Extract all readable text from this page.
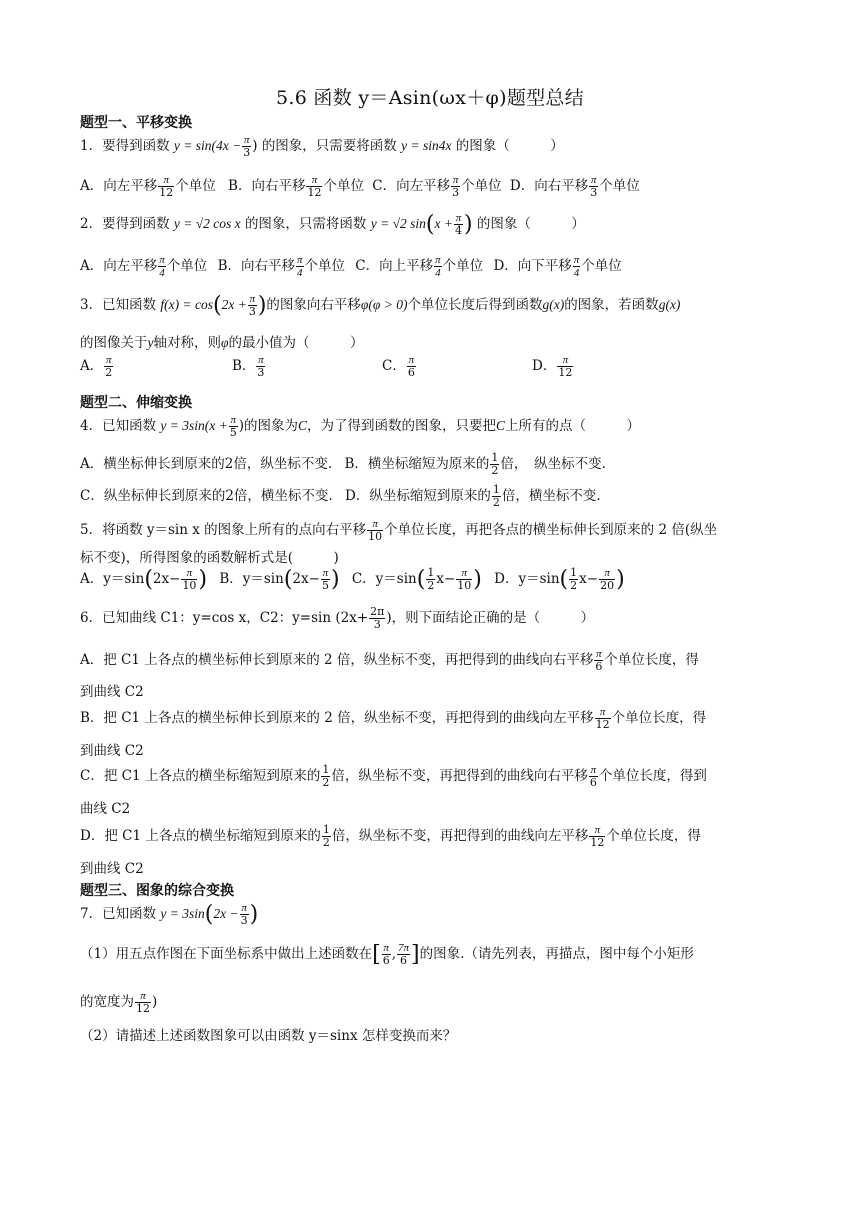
5.6 函数 y＝Asin(ωx＋φ)题型总结
题型一、平移变换
1．要得到函数 $y = \sin(4x - \frac{\pi}{3}$ ) 的图象，只需要将函数 y = sin4x 的图象（　　　）
A．向左平移 $\frac{\pi}{12}$ 个单位 B．向右平移 $\frac{\pi}{12}$ 个单位 C．向左平移 $\frac{\pi}{3}$ 个单位 D．向右平移 $\frac{\pi}{3}$ 个单位
2．要得到函数 y = √2 cos x 的图象，只需将函数 y = √2 $\sin(x + \frac{\pi}{4}$ ) 的图象（　　　）
A．向左平移 $\frac{\pi}{4}$ 个单位 B．向右平移 $\frac{\pi}{4}$ 个单位 C．向上平移 $\frac{\pi}{4}$ 个单位 D．向下平移 $\frac{\pi}{4}$ 个单位
3．已知函数 $f(x) = \cos(2x + \frac{\pi}{3}$ )的图象向右平移φ(φ > 0)个单位长度后得到函数g(x)的图象，若函数g(x)
的图像关于y轴对称，则φ的最小值为（　　　）
A． $\frac{\pi}{2}$	B． $\frac{\pi}{3}$	C． $\frac{\pi}{6}$	D． $\frac{\pi}{12}$
题型二、伸缩变换
4．已知函数 $y = 3\sin(x + \frac{\pi}{5}$ )的图象为C，为了得到函数的图象，只要把C上所有的点（　　　）
A．横坐标伸长到原来的2倍，纵坐标不变. B．横坐标缩短为原来的 $\frac{1}{2}$ 倍，　纵坐标不变.
C．纵坐标伸长到原来的2倍，横坐标不变. D．纵坐标缩短到原来的 $\frac{1}{2}$ 倍，横坐标不变.
5．将函数 y＝sin x 的图象上所有的点向右平移 $\frac{\pi}{10}$ 个单位长度，再把各点的横坐标伸长到原来的 2 倍(纵坐
标不变)，所得图象的函数解析式是(　　　)
A．$y=\sin(2x- \frac{\pi}{10}$ ) B．$y=\sin(2x- \frac{\pi}{5}$ ) C．$y=\sin( \frac{1}{2} x- \frac{\pi}{10}$ ) D．$y=\sin( \frac{1}{2} x- \frac{\pi}{20}$ )
6．已知曲线 C1：y=cos x，C2：y=sin ($2x+ \frac{2\pi}{3}$ )，则下面结论正确的是（　　　）
A．把 C1 上各点的横坐标伸长到原来的 2 倍，纵坐标不变，再把得到的曲线向右平移 $\frac{\pi}{6}$ 个单位长度，得
到曲线 C2
B．把 C1 上各点的横坐标伸长到原来的 2 倍，纵坐标不变，再把得到的曲线向左平移 $\frac{\pi}{12}$ 个单位长度，得
到曲线 C2
C．把 C1 上各点的横坐标缩短到原来的 $\frac{1}{2}$ 倍，纵坐标不变，再把得到的曲线向右平移 $\frac{\pi}{6}$ 个单位长度，得到
曲线 C2
D．把 C1 上各点的横坐标缩短到原来的 $\frac{1}{2}$ 倍，纵坐标不变，再把得到的曲线向左平移 $\frac{\pi}{12}$ 个单位长度，得
到曲线 C2
题型三、图象的综合变换
7．已知函数 $y = 3\sin(2x - \frac{\pi}{3}$ )
（1）用五点作图在下面坐标系中做出上述函数在[ $\frac{\pi}{6}$ , $\frac{7\pi}{6}$ ]的图象.（请先列表，再描点，图中每个小矩形
的宽度为 $\frac{\pi}{12}$ )
（2）请描述上述函数图象可以由函数 y＝sinx 怎样变换而来？
